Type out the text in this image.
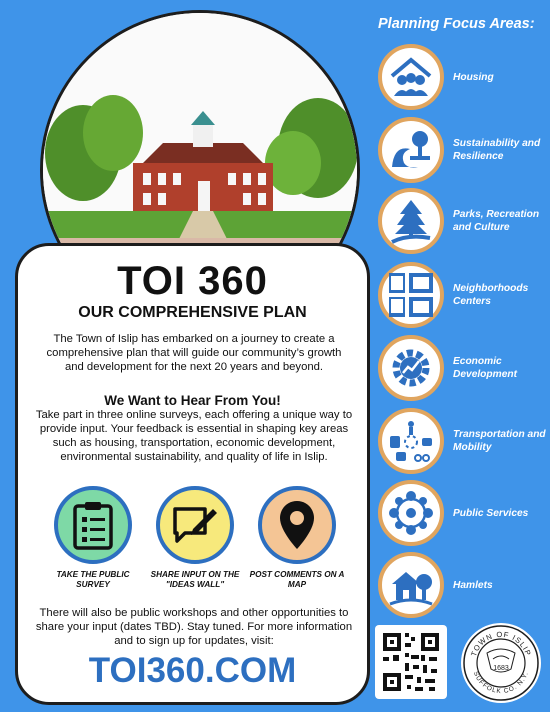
TOI 360
OUR COMPREHENSIVE PLAN
The Town of Islip has embarked on a journey to create a comprehensive plan that will guide our community’s growth and development for the next 20 years and beyond.
We Want to Hear From You!
Take part in three online surveys, each offering a unique way to provide input. Your feedback is essential in shaping key areas such as housing, transportation, economic development, environmental sustainability, and quality of life in Islip.
TAKE THE PUBLIC SURVEY
SHARE INPUT ON THE "IDEAS WALL"
POST COMMENTS ON A MAP
There will also be public workshops and other opportunities to share your input (dates TBD). Stay tuned. For more information and to sign up for updates, visit:
TOI360.COM
Planning Focus Areas:
Housing
Sustainability and Resilience
Parks, Recreation and Culture
Neighborhoods Centers
Economic Development
Transportation and Mobility
Public Services
Hamlets
TOWN OF ISLIP
SUFFOLK CO. N.Y.
1683
